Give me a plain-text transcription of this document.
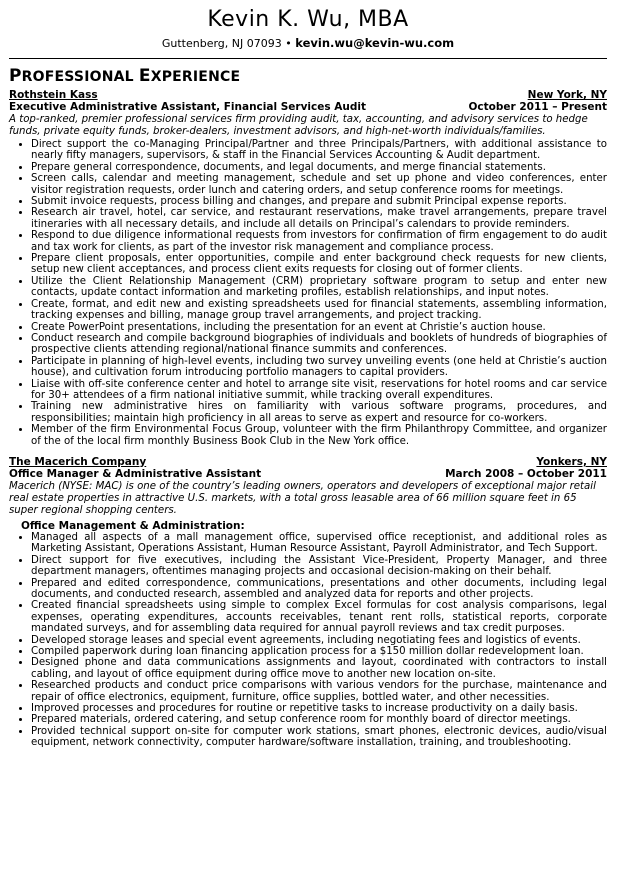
Kevin K. Wu, MBA
Guttenberg, NJ 07093 • kevin.wu@kevin-wu.com
PROFESSIONAL EXPERIENCE
Rothstein Kass	New York, NY
Executive Administrative Assistant, Financial Services Audit	October 2011 – Present
A top-ranked, premier professional services firm providing audit, tax, accounting, and advisory services to hedge funds, private equity funds, broker-dealers, investment advisors, and high-net-worth individuals/families.
• Direct support the co-Managing Principal/Partner and three Principals/Partners, with additional assistance to nearly fifty managers, supervisors, & staff in the Financial Services Accounting & Audit department.
• Prepare general correspondence, documents, and legal documents, and merge financial statements.
• Screen calls, calendar and meeting management, schedule and set up phone and video conferences, enter visitor registration requests, order lunch and catering orders, and setup conference rooms for meetings.
• Submit invoice requests, process billing and changes, and prepare and submit Principal expense reports.
• Research air travel, hotel, car service, and restaurant reservations, make travel arrangements, prepare travel itineraries with all necessary details, and include all details on Principal’s calendars to provide reminders.
• Respond to due diligence informational requests from investors for confirmation of firm engagement to do audit and tax work for clients, as part of the investor risk management and compliance process.
• Prepare client proposals, enter opportunities, compile and enter background check requests for new clients, setup new client acceptances, and process client exits requests for closing out of former clients.
• Utilize the Client Relationship Management (CRM) proprietary software program to setup and enter new contacts, update contact information and marketing profiles, establish relationships, and input notes.
• Create, format, and edit new and existing spreadsheets used for financial statements, assembling information, tracking expenses and billing, manage group travel arrangements, and project tracking.
• Create PowerPoint presentations, including the presentation for an event at Christie’s auction house.
• Conduct research and compile background biographies of individuals and booklets of hundreds of biographies of prospective clients attending regional/national finance summits and conferences.
• Participate in planning of high-level events, including two survey unveiling events (one held at Christie’s auction house), and cultivation forum introducing portfolio managers to capital providers.
• Liaise with off-site conference center and hotel to arrange site visit, reservations for hotel rooms and car service for 30+ attendees of a firm national initiative summit, while tracking overall expenditures.
• Training new administrative hires on familiarity with various software programs, procedures, and responsibilities; maintain high proficiency in all areas to serve as expert and resource for co-workers.
• Member of the firm Environmental Focus Group, volunteer with the firm Philanthropy Committee, and organizer of the of the local firm monthly Business Book Club in the New York office.
The Macerich Company	Yonkers, NY
Office Manager & Administrative Assistant	March 2008 – October 2011
Macerich (NYSE: MAC) is one of the country’s leading owners, operators and developers of exceptional major retail real estate properties in attractive U.S. markets, with a total gross leasable area of 66 million square feet in 65 super regional shopping centers.
Office Management & Administration:
• Managed all aspects of a mall management office, supervised office receptionist, and additional roles as Marketing Assistant, Operations Assistant, Human Resource Assistant, Payroll Administrator, and Tech Support.
• Direct support for five executives, including the Assistant Vice-President, Property Manager, and three department managers, oftentimes managing projects and occasional decision-making on their behalf.
• Prepared and edited correspondence, communications, presentations and other documents, including legal documents, and conducted research, assembled and analyzed data for reports and other projects.
• Created financial spreadsheets using simple to complex Excel formulas for cost analysis comparisons, legal expenses, operating expenditures, accounts receivables, tenant rent rolls, statistical reports, corporate mandated surveys, and for assembling data required for annual payroll reviews and tax credit purposes.
• Developed storage leases and special event agreements, including negotiating fees and logistics of events.
• Compiled paperwork during loan financing application process for a $150 million dollar redevelopment loan.
• Designed phone and data communications assignments and layout, coordinated with contractors to install cabling, and layout of office equipment during office move to another new location on-site.
• Researched products and conduct price comparisons with various vendors for the purchase, maintenance and repair of office electronics, equipment, furniture, office supplies, bottled water, and other necessities.
• Improved processes and procedures for routine or repetitive tasks to increase productivity on a daily basis.
• Prepared materials, ordered catering, and setup conference room for monthly board of director meetings.
• Provided technical support on-site for computer work stations, smart phones, electronic devices, audio/visual equipment, network connectivity, computer hardware/software installation, training, and troubleshooting.
